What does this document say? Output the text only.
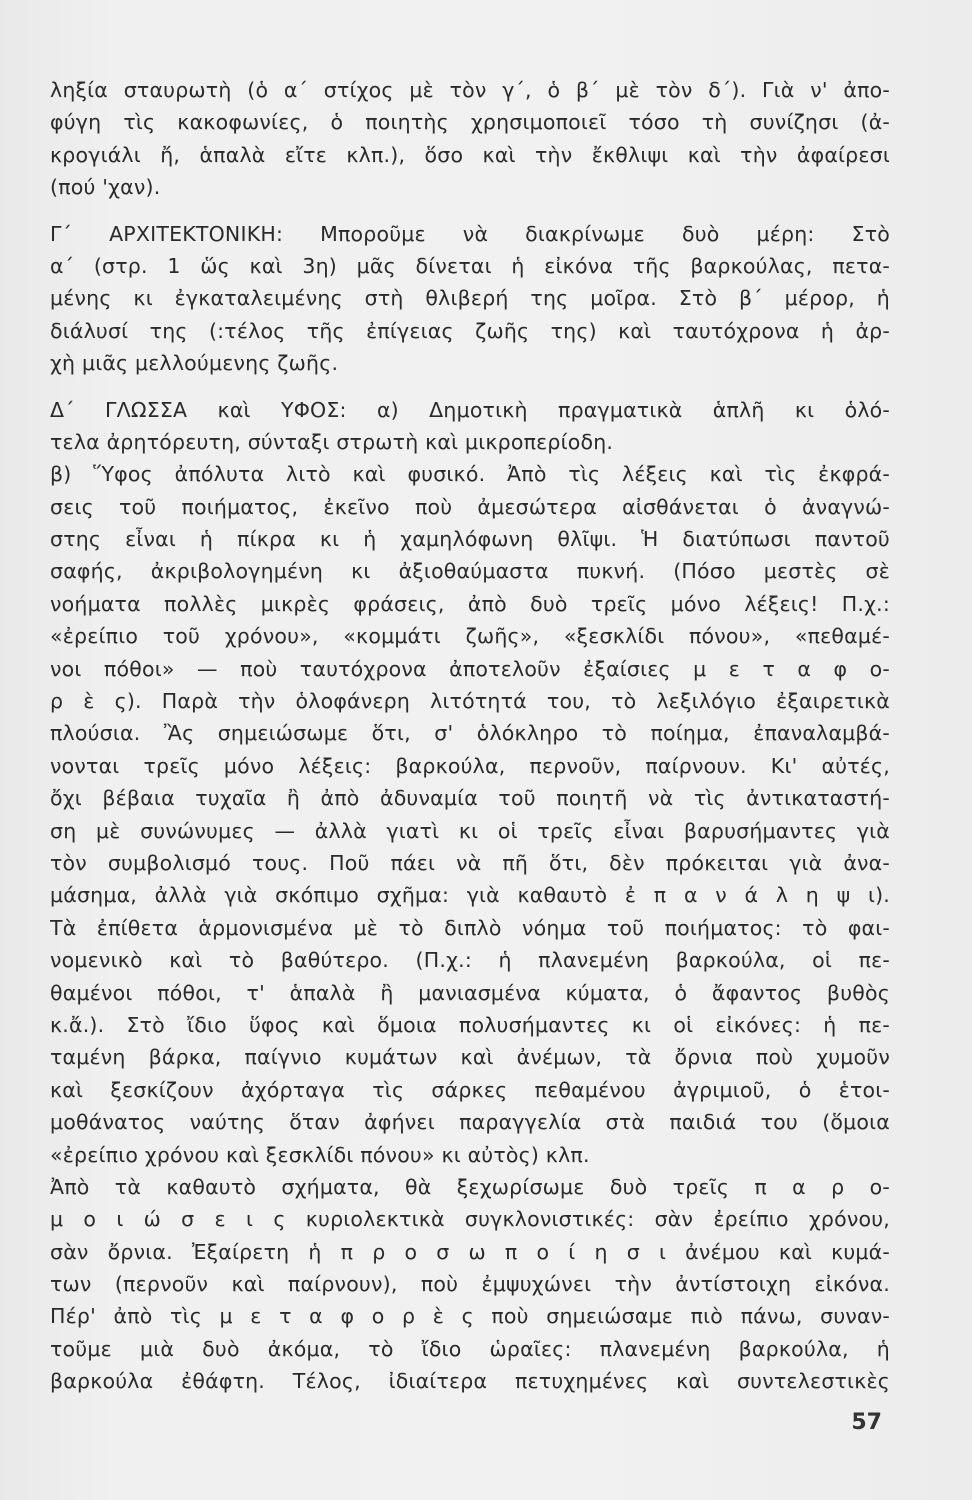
ληξία σταυρωτὴ (ὁ α΄ στίχος μὲ τὸν γ΄, ὁ β΄ μὲ τὸν δ΄). Γιὰ ν' ἀπο-
φύγη τὶς κακοφωνίες, ὁ ποιητὴς χρησιμοποιεῖ τόσο τὴ συνίζησι (ἀ-
κρογιάλι ἤ, ἁπαλὰ εἴτε κλπ.), ὅσο καὶ τὴν ἔκθλιψι καὶ τὴν ἀφαίρεσι
(πού 'χαν).
Γ΄ ΑΡΧΙΤΕΚΤΟΝΙΚΗ: Μποροῦμε νὰ διακρίνωμε δυὸ μέρη: Στὸ
α΄ (στρ. 1 ὥς καὶ 3η) μᾶς δίνεται ἡ εἰκόνα τῆς βαρκούλας, πετα-
μένης κι ἐγκαταλειμένης στὴ θλιβερή της μοῖρα. Στὸ β΄ μέρορ, ἡ
διάλυσί της (:τέλος τῆς ἐπίγειας ζωῆς της) καὶ ταυτόχρονα ἡ ἀρ-
χὴ μιᾶς μελλούμενης ζωῆς.
Δ΄ ΓΛΩΣΣΑ καὶ ΥΦΟΣ: α) Δημοτικὴ πραγματικὰ ἁπλῆ κι ὁλό-
τελα ἀρητόρευτη, σύνταξι στρωτὴ καὶ μικροπερίοδη.
β) Ὕφος ἀπόλυτα λιτὸ καὶ φυσικό. Ἀπὸ τὶς λέξεις καὶ τὶς ἐκφρά-
σεις τοῦ ποιήματος, ἐκεῖνο ποὺ ἀμεσώτερα αἰσθάνεται ὁ ἀναγνώ-
στης εἶναι ἡ πίκρα κι ἡ χαμηλόφωνη θλῖψι. Ἡ διατύπωσι παντοῦ
σαφής, ἀκριβολογημένη κι ἀξιοθαύμαστα πυκνή. (Πόσο μεστὲς σὲ
νοήματα πολλὲς μικρὲς φράσεις, ἀπὸ δυὸ τρεῖς μόνο λέξεις! Π.χ.:
«ἐρείπιο τοῦ χρόνου», «κομμάτι ζωῆς», «ξεσκλίδι πόνου», «πεθαμέ-
νοι πόθοι» — ποὺ ταυτόχρονα ἀποτελοῦν ἐξαίσιες μ ε τ α φ ο-
ρ ὲ ς). Παρὰ τὴν ὁλοφάνερη λιτότητά του, τὸ λεξιλόγιο ἐξαιρετικὰ
πλούσια. Ἂς σημειώσωμε ὅτι, σ' ὁλόκληρο τὸ ποίημα, ἐπαναλαμβά-
νονται τρεῖς μόνο λέξεις: βαρκούλα, περνοῦν, παίρνουν. Κι' αὐτές,
ὄχι βέβαια τυχαῖα ἢ ἀπὸ ἀδυναμία τοῦ ποιητῆ νὰ τὶς ἀντικαταστή-
ση μὲ συνώνυμες — ἀλλὰ γιατὶ κι οἱ τρεῖς εἶναι βαρυσήμαντες γιὰ
τὸν συμβολισμό τους. Ποῦ πάει νὰ πῆ ὅτι, δὲν πρόκειται γιὰ ἀνα-
μάσημα, ἀλλὰ γιὰ σκόπιμο σχῆμα: γιὰ καθαυτὸ ἐ π α ν ά λ η ψ ι).
Τὰ ἐπίθετα ἁρμονισμένα μὲ τὸ διπλὸ νόημα τοῦ ποιήματος: τὸ φαι-
νομενικὸ καὶ τὸ βαθύτερο. (Π.χ.: ἡ πλανεμένη βαρκούλα, οἱ πε-
θαμένοι πόθοι, τ' ἁπαλὰ ἢ μανιασμένα κύματα, ὁ ἄφαντος βυθὸς
κ.ἄ.). Στὸ ἴδιο ὕφος καὶ ὅμοια πολυσήμαντες κι οἱ εἰκόνες: ἡ πε-
ταμένη βάρκα, παίγνιο κυμάτων καὶ ἀνέμων, τὰ ὄρνια ποὺ χυμοῦν
καὶ ξεσκίζουν ἀχόρταγα τὶς σάρκες πεθαμένου ἀγριμιοῦ, ὁ ἑτοι-
μοθάνατος ναύτης ὅταν ἀφήνει παραγγελία στὰ παιδιά του (ὅμοια
«ἐρείπιο χρόνου καὶ ξεσκλίδι πόνου» κι αὐτὸς) κλπ.
Ἀπὸ τὰ καθαυτὸ σχήματα, θὰ ξεχωρίσωμε δυὸ τρεῖς π α ρ ο-
μ ο ι ώ σ ε ι ς κυριολεκτικὰ συγκλονιστικές: σὰν ἐρείπιο χρόνου,
σὰν ὄρνια. Ἐξαίρετη ἡ π ρ ο σ ω π ο ί η σ ι ἀνέμου καὶ κυμά-
των (περνοῦν καὶ παίρνουν), ποὺ ἐμψυχώνει τὴν ἀντίστοιχη εἰκόνα.
Πέρ' ἀπὸ τὶς μ ε τ α φ ο ρ ὲ ς ποὺ σημειώσαμε πιὸ πάνω, συναν-
τοῦμε μιὰ δυὸ ἀκόμα, τὸ ἴδιο ὡραῖες: πλανεμένη βαρκούλα, ἡ
βαρκούλα ἐθάφτη. Τέλος, ἰδιαίτερα πετυχημένες καὶ συντελεστικὲς
57
